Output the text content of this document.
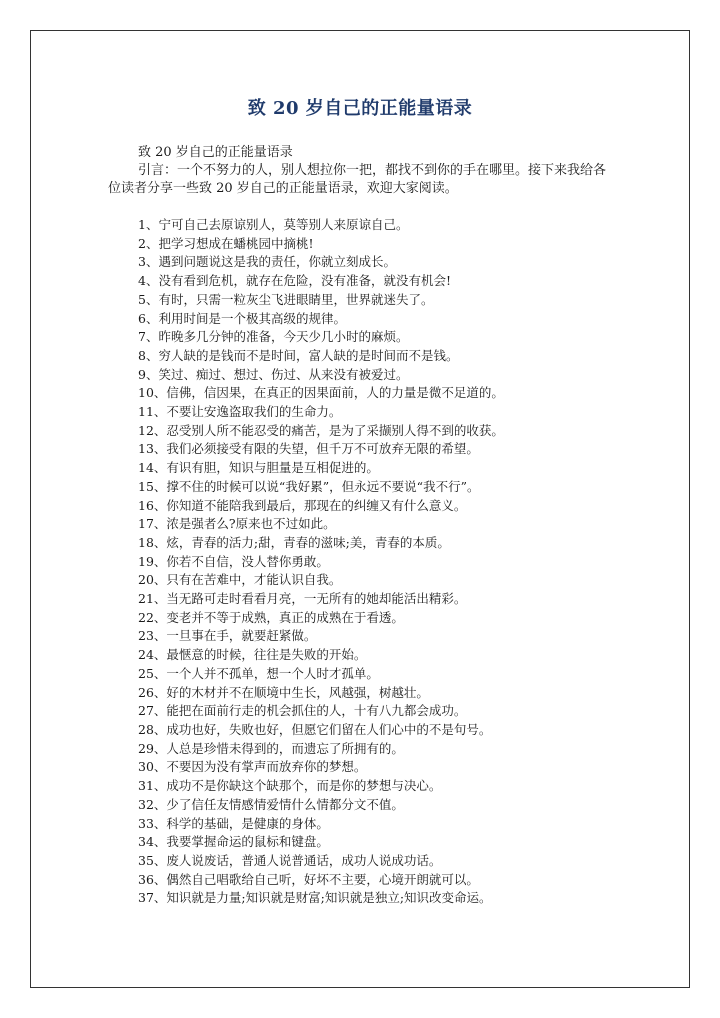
致 20 岁自己的正能量语录
致 20 岁自己的正能量语录
引言：一个不努力的人，别人想拉你一把，都找不到你的手在哪里。接下来我给各位读者分享一些致 20 岁自己的正能量语录，欢迎大家阅读。
1、宁可自己去原谅别人，莫等别人来原谅自己。
2、把学习想成在蟠桃园中摘桃!
3、遇到问题说这是我的责任，你就立刻成长。
4、没有看到危机，就存在危险，没有准备，就没有机会!
5、有时，只需一粒灰尘飞进眼睛里，世界就迷失了。
6、利用时间是一个极其高级的规律。
7、昨晚多几分钟的准备，今天少几小时的麻烦。
8、穷人缺的是钱而不是时间，富人缺的是时间而不是钱。
9、笑过、痴过、想过、伤过、从来没有被爱过。
10、信佛，信因果，在真正的因果面前，人的力量是微不足道的。
11、不要让安逸盗取我们的生命力。
12、忍受别人所不能忍受的痛苦，是为了采撷别人得不到的收获。
13、我们必须接受有限的失望，但千万不可放弃无限的希望。
14、有识有胆，知识与胆量是互相促进的。
15、撑不住的时候可以说“我好累”，但永远不要说“我不行”。
16、你知道不能陪我到最后，那现在的纠缠又有什么意义。
17、浓是强者么?原来也不过如此。
18、炫，青春的活力;甜，青春的滋味;美，青春的本质。
19、你若不自信，没人替你勇敢。
20、只有在苦难中，才能认识自我。
21、当无路可走时看看月亮，一无所有的她却能活出精彩。
22、变老并不等于成熟，真正的成熟在于看透。
23、一旦事在手，就要赶紧做。
24、最惬意的时候，往往是失败的开始。
25、一个人并不孤单，想一个人时才孤单。
26、好的木材并不在顺境中生长，风越强，树越壮。
27、能把在面前行走的机会抓住的人，十有八九都会成功。
28、成功也好，失败也好，但愿它们留在人们心中的不是句号。
29、人总是珍惜未得到的，而遗忘了所拥有的。
30、不要因为没有掌声而放弃你的梦想。
31、成功不是你缺这个缺那个，而是你的梦想与决心。
32、少了信任友情感情爱情什么情都分文不值。
33、科学的基础，是健康的身体。
34、我要掌握命运的鼠标和键盘。
35、废人说废话，普通人说普通话，成功人说成功话。
36、偶然自己唱歌给自己听，好坏不主要，心境开朗就可以。
37、知识就是力量;知识就是财富;知识就是独立;知识改变命运。
